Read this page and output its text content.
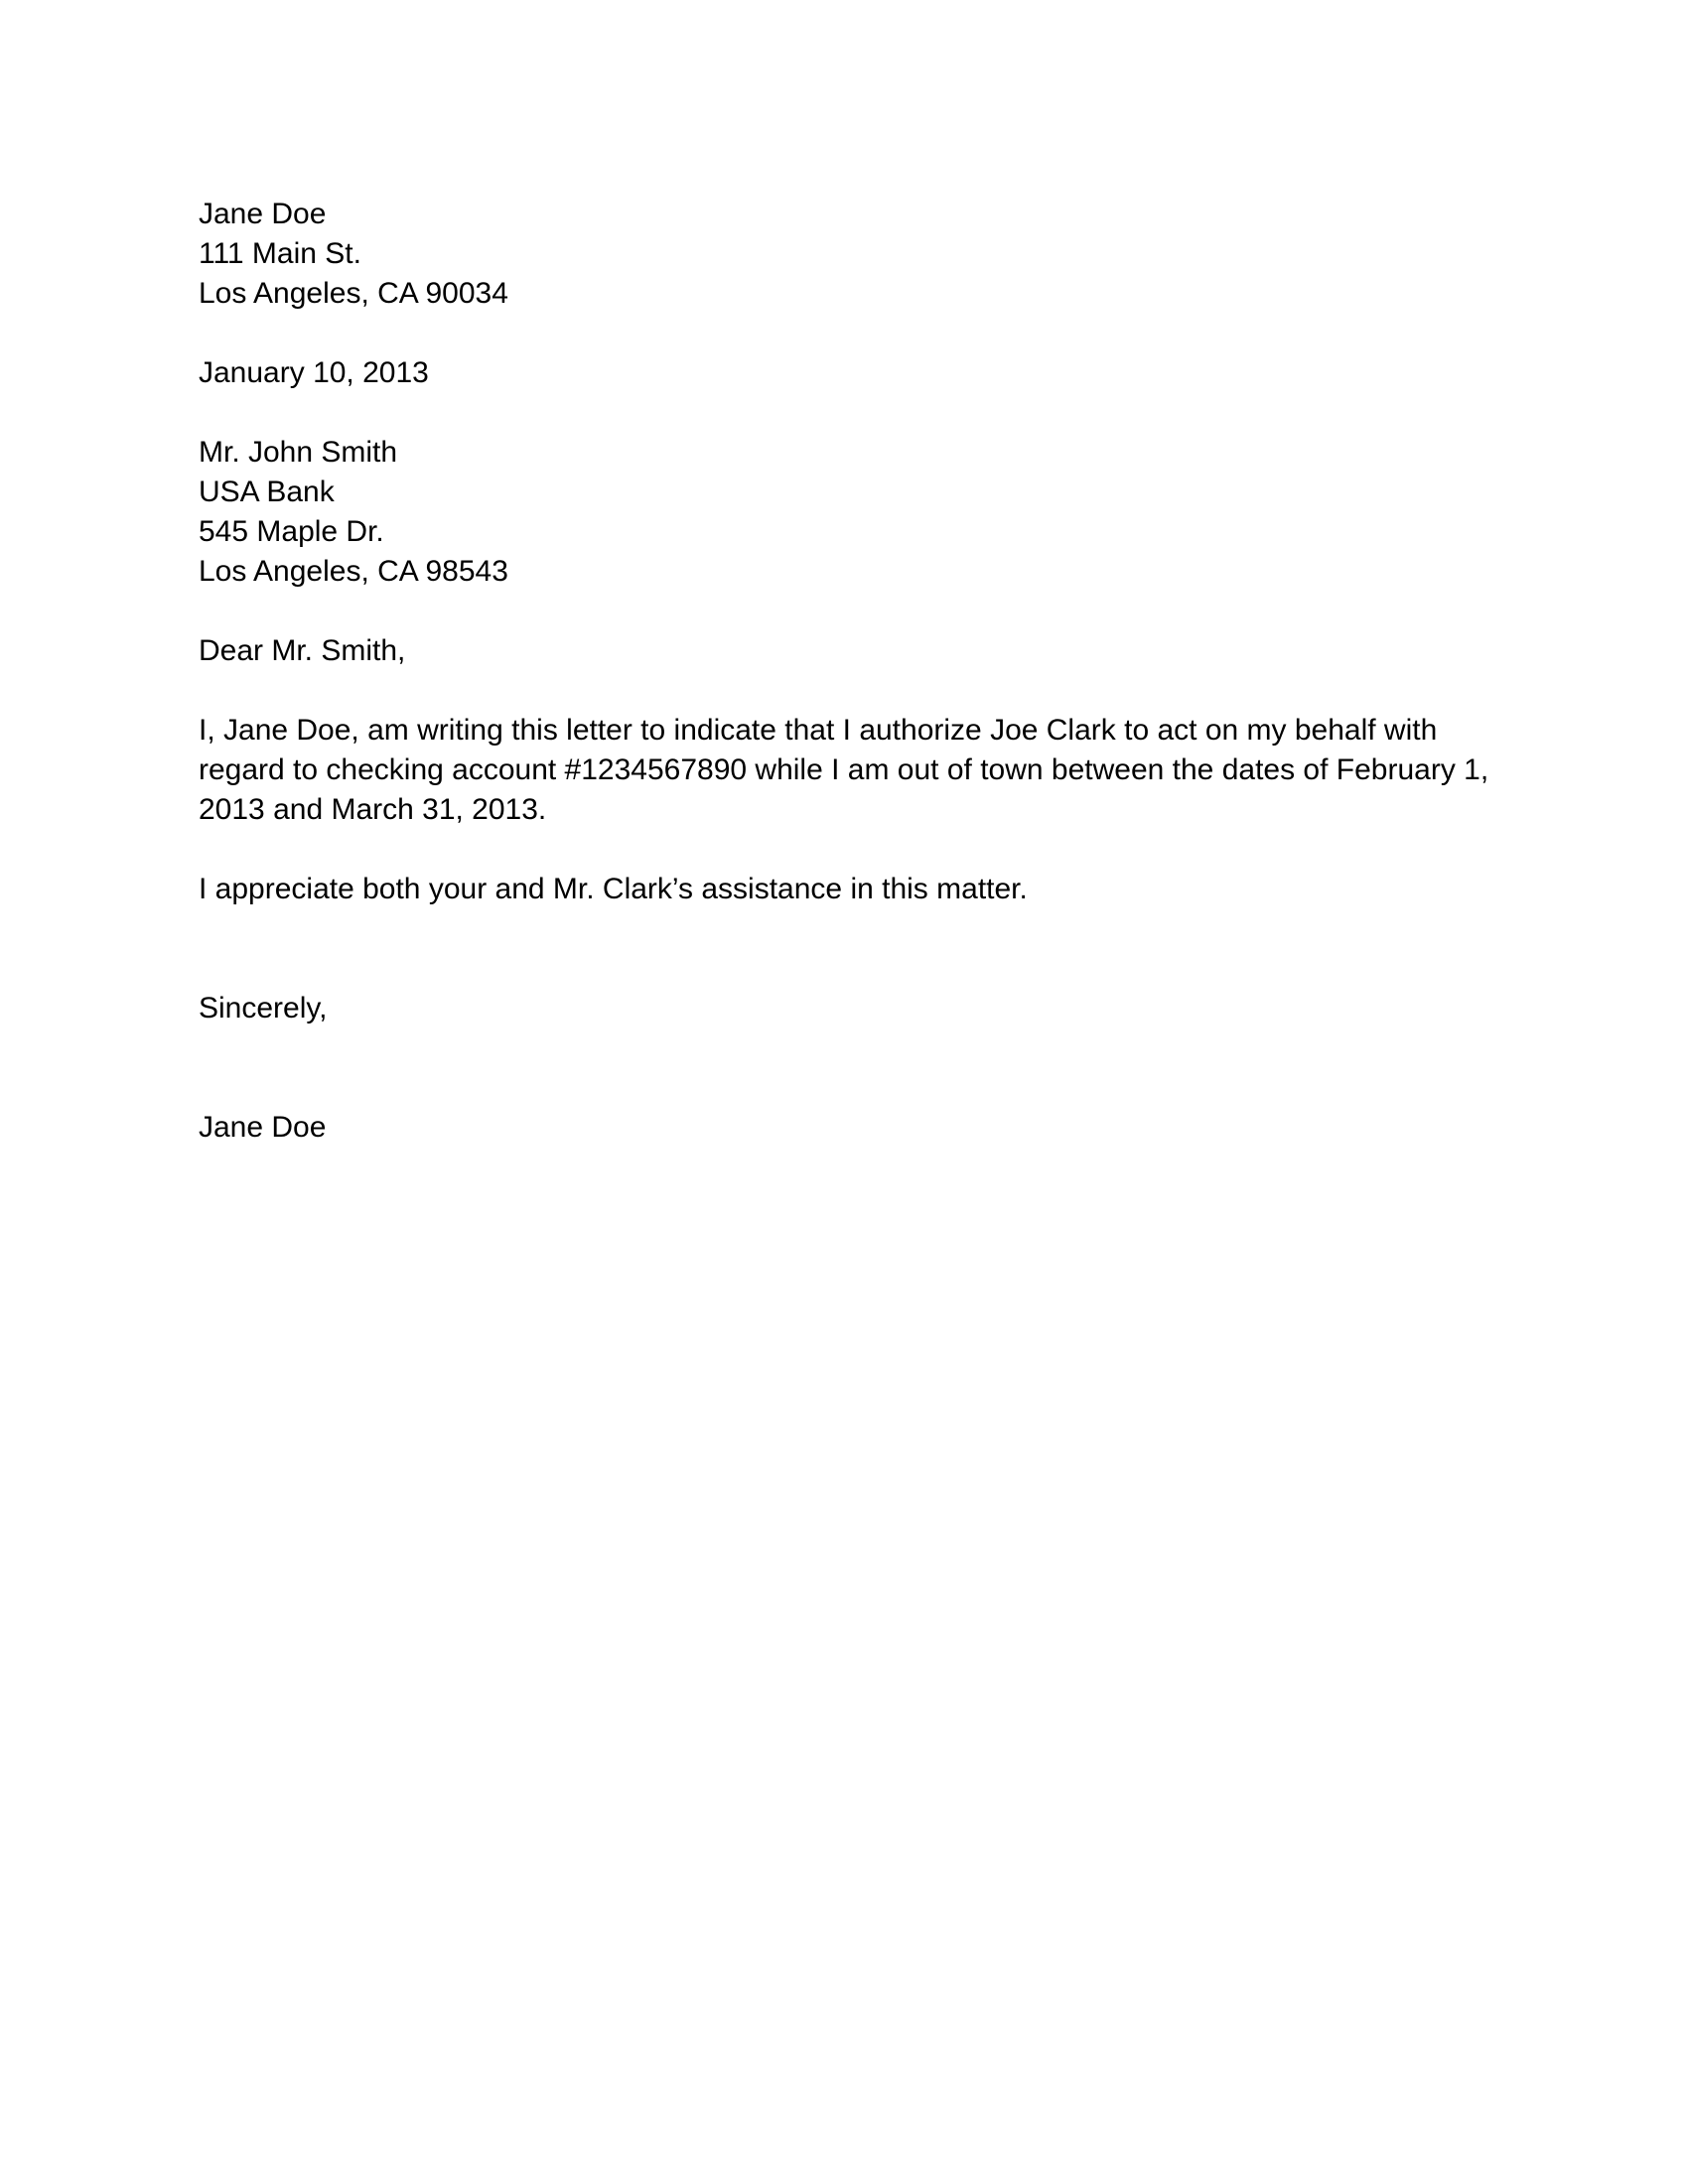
Jane Doe
111 Main St.
Los Angeles, CA 90034
January 10, 2013
Mr. John Smith
USA Bank
545 Maple Dr.
Los Angeles, CA 98543
Dear Mr. Smith,

I, Jane Doe, am writing this letter to indicate that I authorize Joe Clark to act on my behalf with regard to checking account #1234567890 while I am out of town between the dates of February 1, 2013 and March 31, 2013.

I appreciate both your and Mr. Clark’s assistance in this matter.

Sincerely,
Jane Doe
